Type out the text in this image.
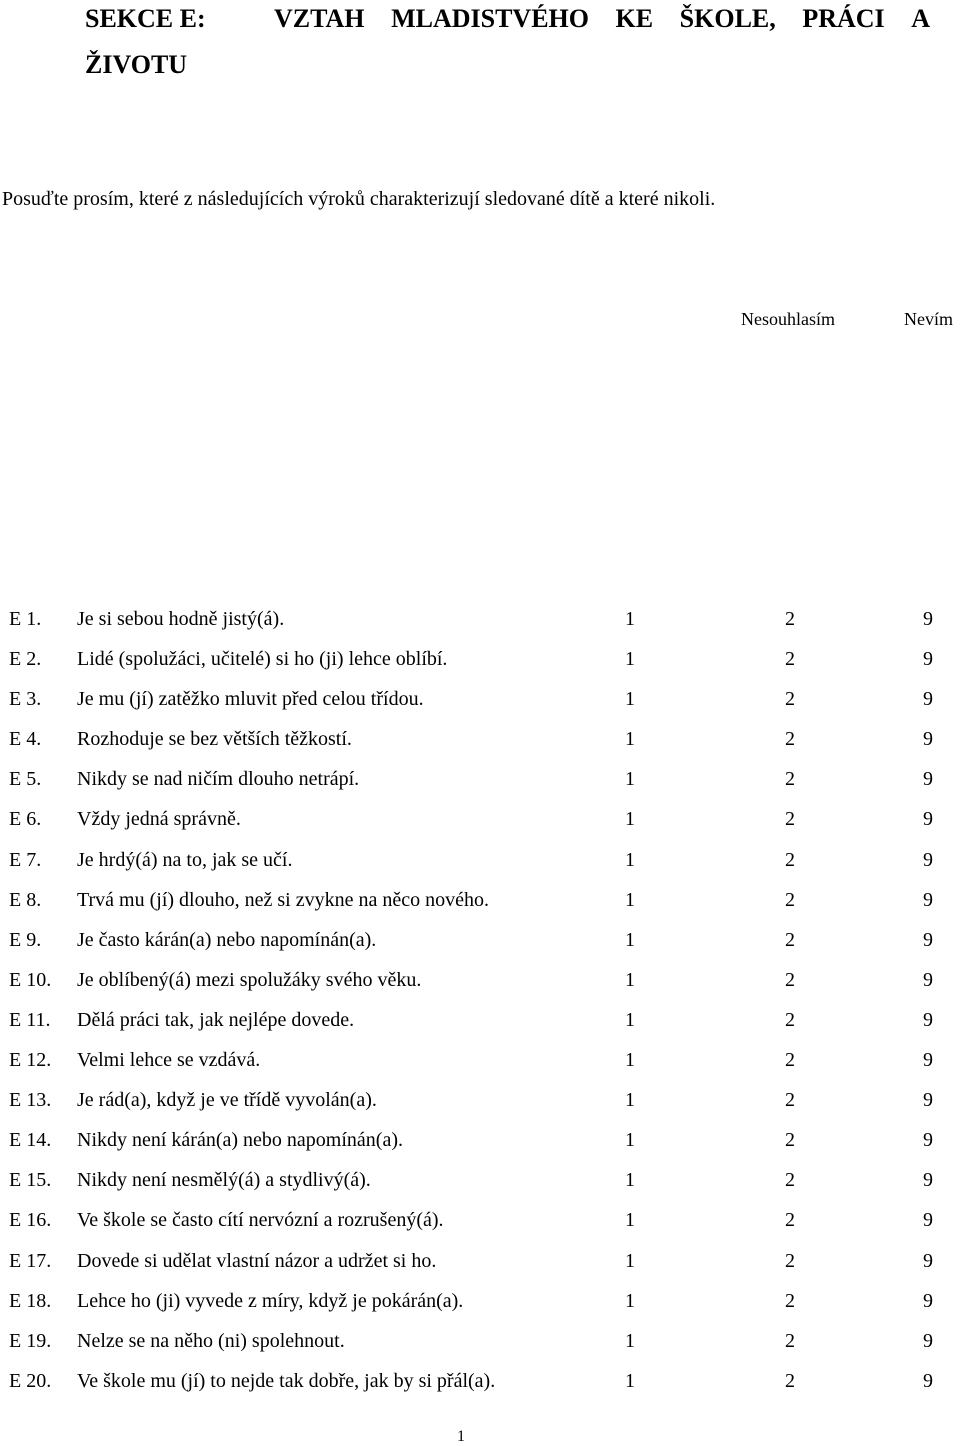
SEKCE E:	VZTAH MLADISTVÉHO KE ŠKOLE, PRÁCI A
ŽIVOTU
Posuďte prosím, které z následujících výroků charakterizují sledované dítě a které nikoli.
Nesouhlasím	Nevím
E 1. Je si sebou hodně jistý(á).	1	2	9
E 2. Lidé (spolužáci, učitelé) si ho (ji) lehce oblíbí.	1	2	9
E 3. Je mu (jí) zatěžko mluvit před celou třídou.	1	2	9
E 4. Rozhoduje se bez větších těžkostí.	1	2	9
E 5. Nikdy se nad ničím dlouho netrápí.	1	2	9
E 6. Vždy jedná správně.	1	2	9
E 7. Je hrdý(á) na to, jak se učí.	1	2	9
E 8. Trvá mu (jí) dlouho, než si zvykne na něco nového.	1	2	9
E 9. Je často kárán(a) nebo napomínán(a).	1	2	9
E 10. Je oblíbený(á) mezi spolužáky svého věku.	1	2	9
E 11. Dělá práci tak, jak nejlépe dovede.	1	2	9
E 12. Velmi lehce se vzdává.	1	2	9
E 13. Je rád(a), když je ve třídě vyvolán(a).	1	2	9
E 14. Nikdy není kárán(a) nebo napomínán(a).	1	2	9
E 15. Nikdy není nesmělý(á) a stydlivý(á).	1	2	9
E 16. Ve škole se často cítí nervózní a rozrušený(á).	1	2	9
E 17. Dovede si udělat vlastní názor a udržet si ho.	1	2	9
E 18. Lehce ho (ji) vyvede z míry, když je pokárán(a).	1	2	9
E 19. Nelze se na něho (ni) spolehnout.	1	2	9
E 20. Ve škole mu (jí) to nejde tak dobře, jak by si přál(a).	1	2	9
1
